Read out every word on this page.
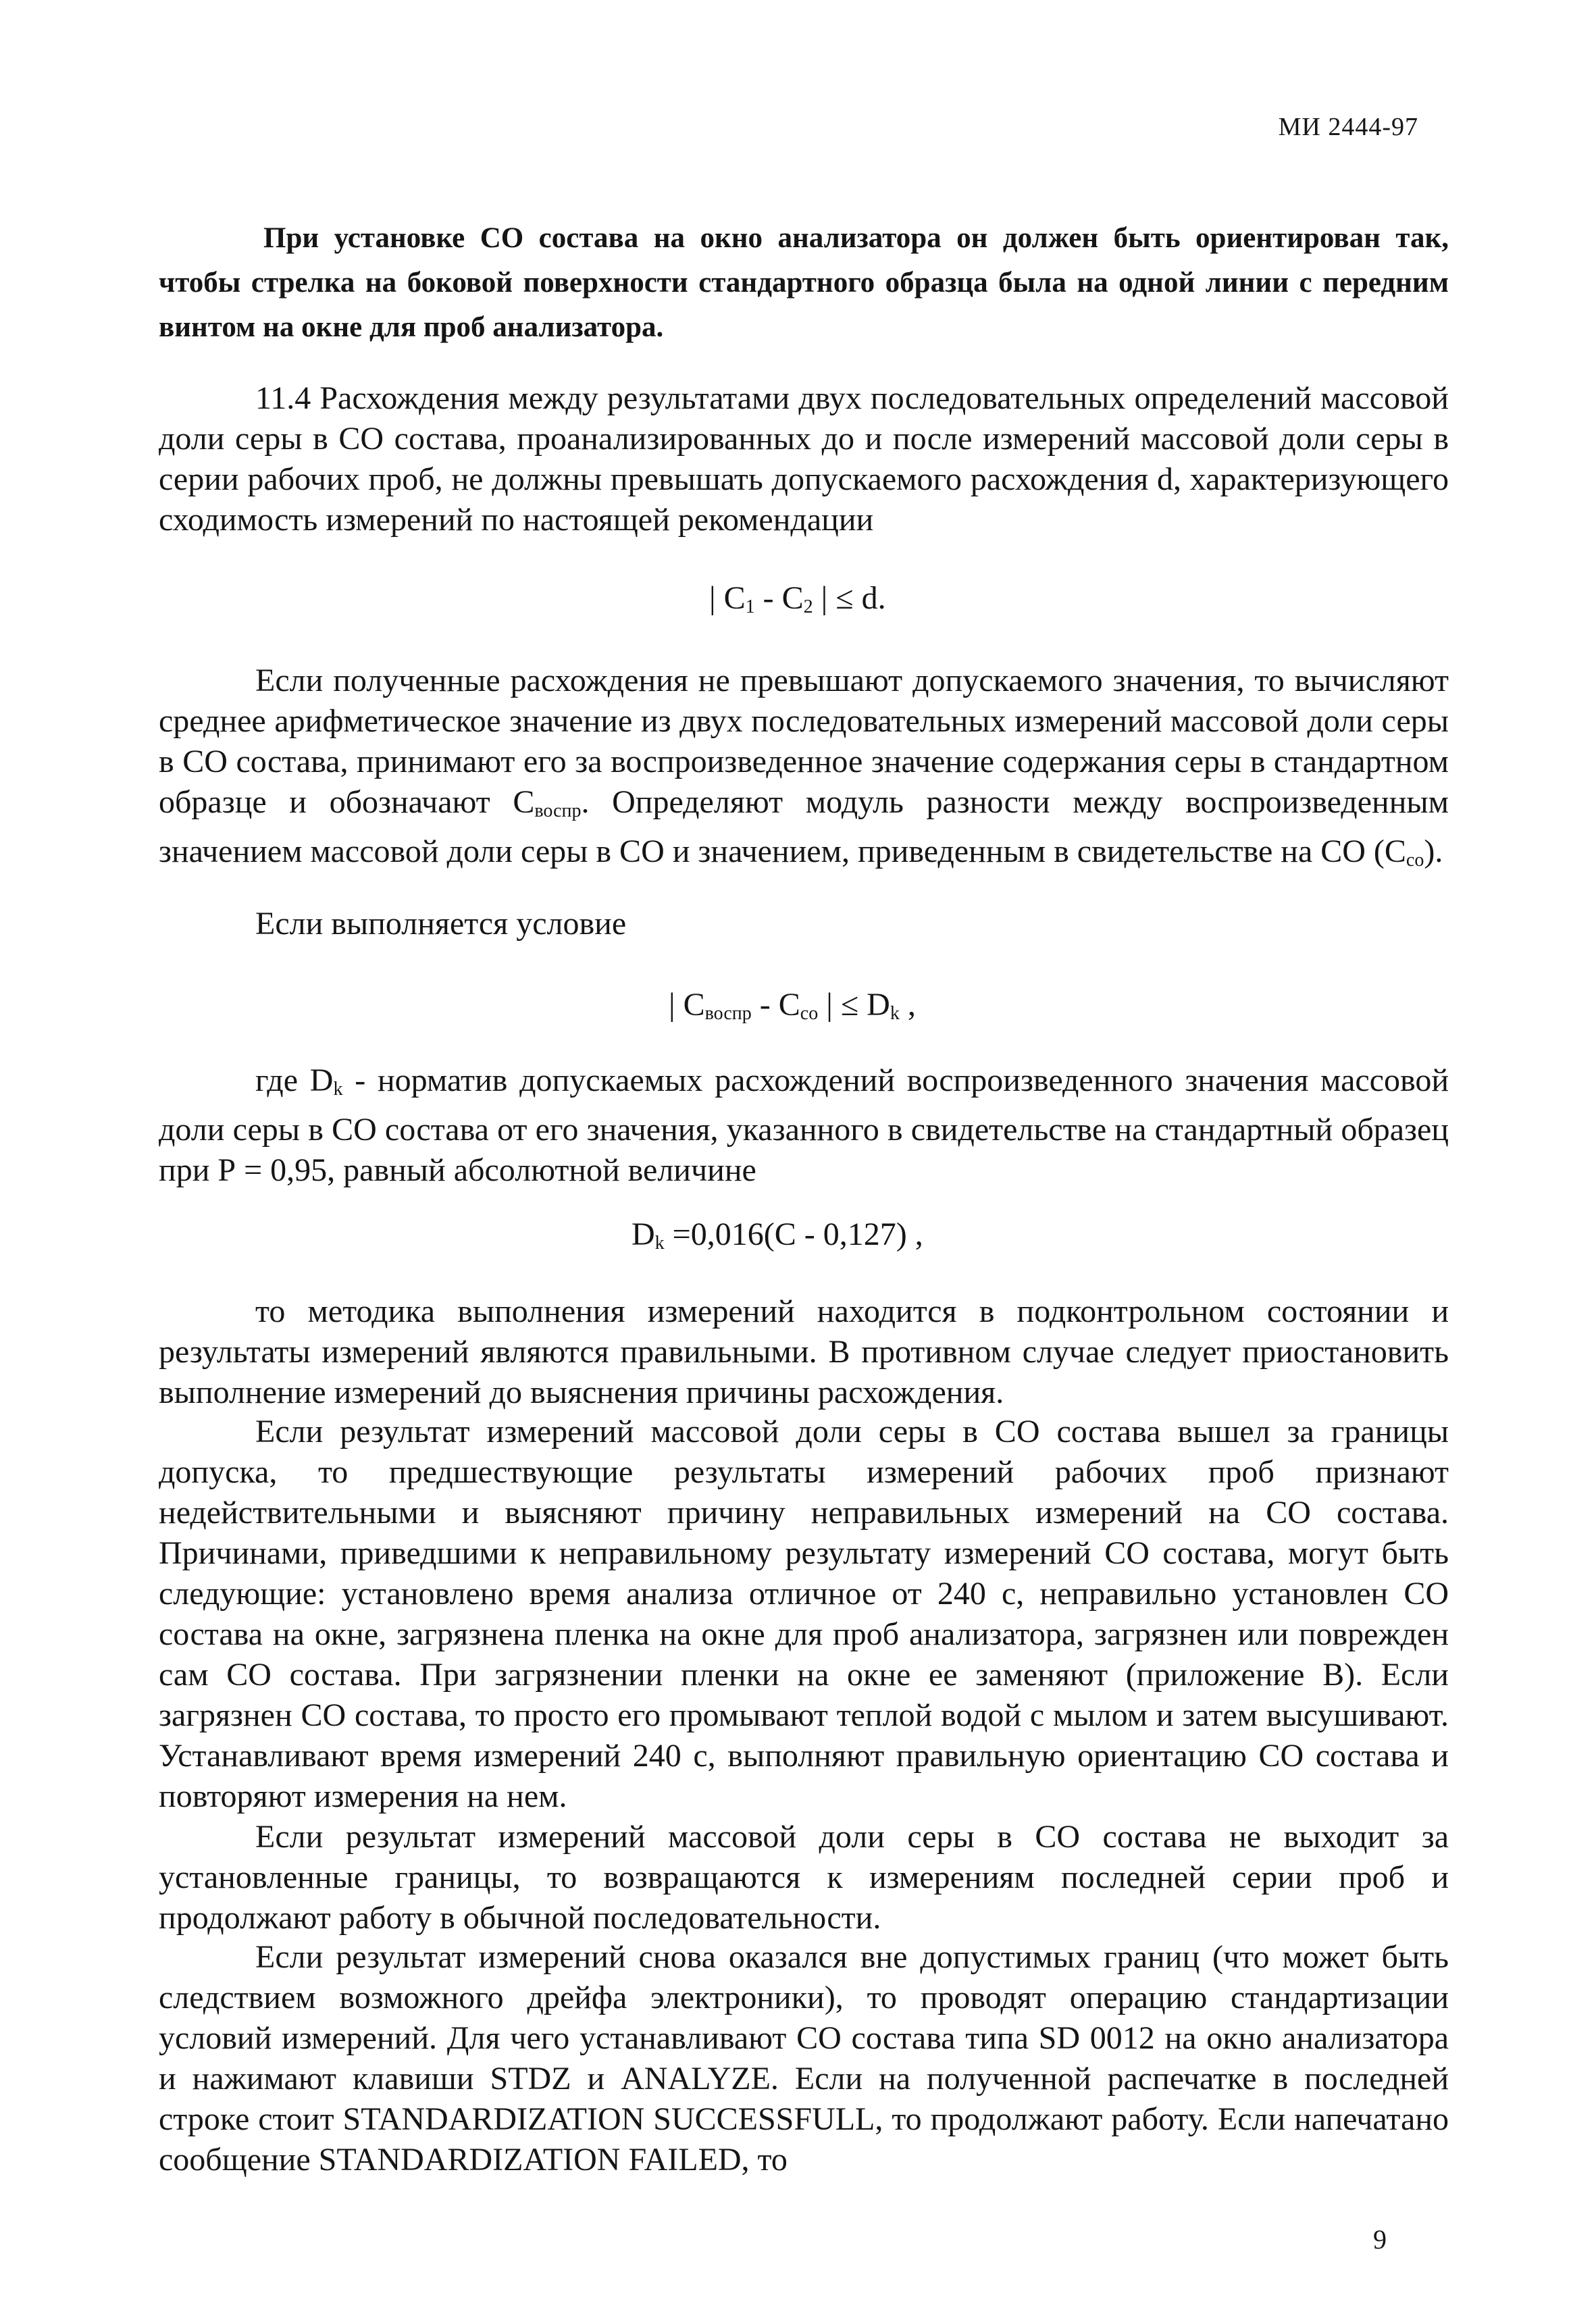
МИ 2444-97
При установке СО состава на окно анализатора он должен быть ориентирован так, чтобы стрелка на боковой поверхности стандартного образца была на одной линии с передним винтом на окне для проб анализатора.
11.4 Расхождения между результатами двух последовательных определений массовой доли серы в СО состава, проанализированных до и после измерений массовой доли серы в серии рабочих проб, не должны превышать допускаемого расхождения d, характеризующего сходимость измерений по настоящей рекомендации
| $C_1 - C_2$ | ≤ d.
Если полученные расхождения не превышают допускаемого значения, то вычисляют среднее арифметическое значение из двух последовательных измерений массовой доли серы в СО состава, принимают его за воспроизведенное значение содержания серы в стандартном образце и обозначают $С_{воспр}$. Определяют модуль разности между воспроизведенным значением массовой доли серы в СО и значением, приведенным в свидетельстве на СО $(С_{со})$.
Если выполняется условие
| $C_{воспр} - C_{со}$ | ≤ $D_k$ ,
где $D_k$ - норматив допускаемых расхождений воспроизведенного значения массовой доли серы в СО состава от его значения, указанного в свидетельстве на стандартный образец при Р = 0,95, равный абсолютной величине
$D_k =0,016(С - 0,127)$ ,
то методика выполнения измерений находится в подконтрольном состоянии и результаты измерений являются правильными. В противном случае следует приостановить выполнение измерений до выяснения причины расхождения.
Если результат измерений массовой доли серы в СО состава вышел за границы допуска, то предшествующие результаты измерений рабочих проб признают недействительными и выясняют причину неправильных измерений на СО состава. Причинами, приведшими к неправильному результату измерений СО состава, могут быть следующие: установлено время анализа отличное от 240 с, неправильно установлен СО состава на окне, загрязнена пленка на окне для проб анализатора, загрязнен или поврежден сам СО состава. При загрязнении пленки на окне ее заменяют (приложение В). Если загрязнен СО состава, то просто его промывают теплой водой с мылом и затем высушивают. Устанавливают время измерений 240 с, выполняют правильную ориентацию СО состава и повторяют измерения на нем.
Если результат измерений массовой доли серы в СО состава не выходит за установленные границы, то возвращаются к измерениям последней серии проб и продолжают работу в обычной последовательности.
Если результат измерений снова оказался вне допустимых границ (что может быть следствием возможного дрейфа электроники), то проводят операцию стандартизации условий измерений. Для чего устанавливают СО состава типа SD 0012 на окно анализатора и нажимают клавиши STDZ и ANALYZE. Если на полученной распечатке в последней строке стоит STANDARDIZATION SUCCESSFULL, то продолжают работу. Если напечатано сообщение STANDARDIZATION FAILED, то
9
